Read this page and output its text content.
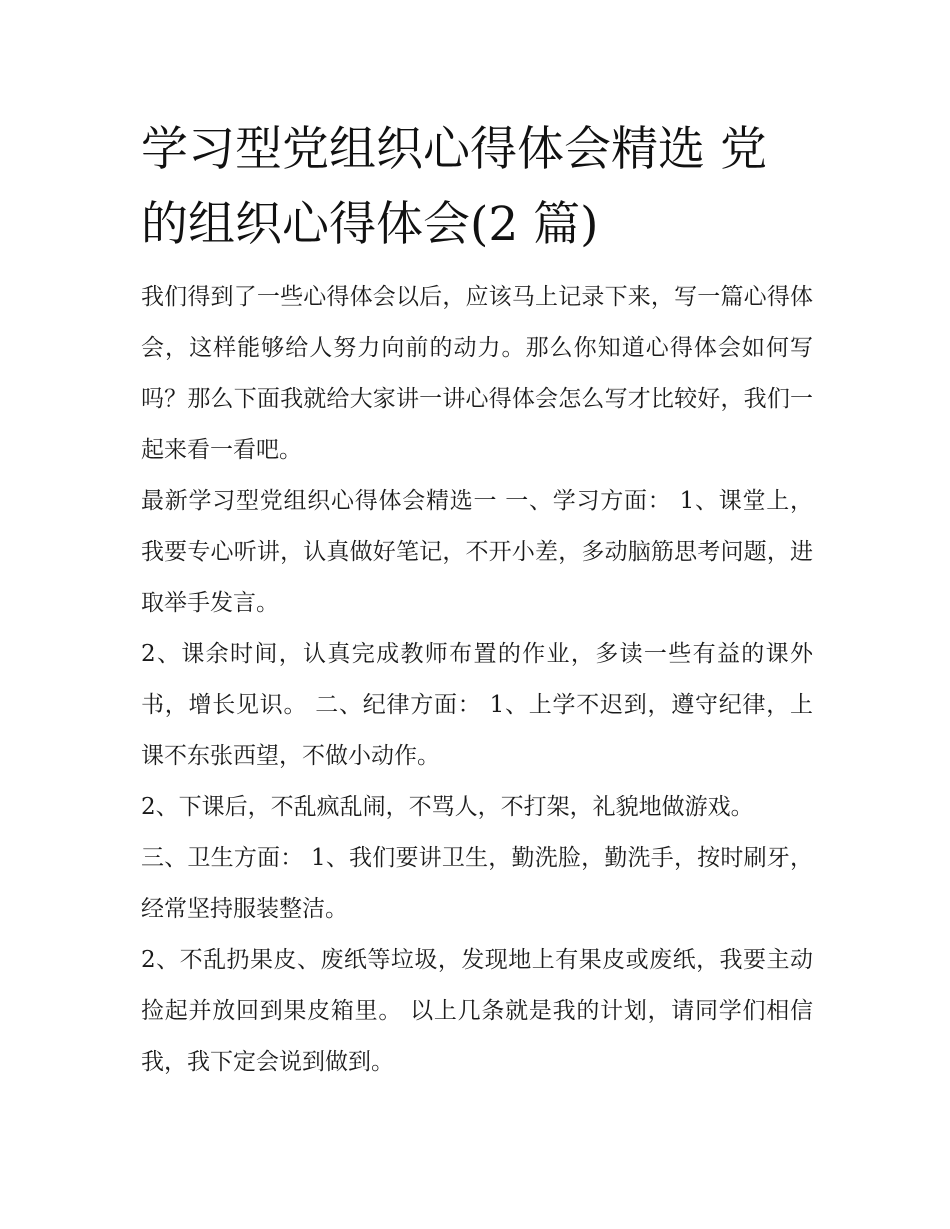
学习型党组织心得体会精选 党的组织心得体会(2 篇)

我们得到了一些心得体会以后，应该马上记录下来，写一篇心得体会，这样能够给人努力向前的动力。那么你知道心得体会如何写吗？那么下面我就给大家讲一讲心得体会怎么写才比较好，我们一起来看一看吧。

最新学习型党组织心得体会精选一 一、学习方面： 1、课堂上，我要专心听讲，认真做好笔记，不开小差，多动脑筋思考问题，进取举手发言。

2、课余时间，认真完成教师布置的作业，多读一些有益的课外书，增长见识。 二、纪律方面： 1、上学不迟到，遵守纪律，上课不东张西望，不做小动作。

2、下课后，不乱疯乱闹，不骂人，不打架，礼貌地做游戏。

三、卫生方面： 1、我们要讲卫生，勤洗脸，勤洗手，按时刷牙，经常坚持服装整洁。

2、不乱扔果皮、废纸等垃圾，发现地上有果皮或废纸，我要主动捡起并放回到果皮箱里。 以上几条就是我的计划，请同学们相信我，我下定会说到做到。
